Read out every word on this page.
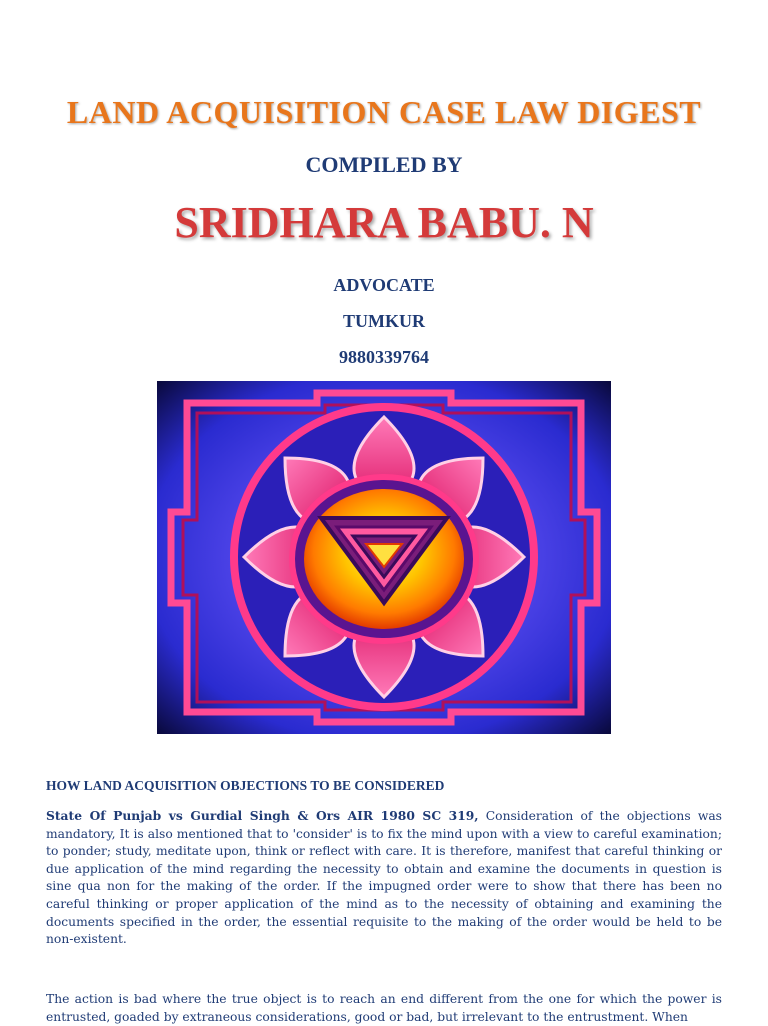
LAND ACQUISITION CASE LAW DIGEST
COMPILED BY
SRIDHARA BABU. N
ADVOCATE
TUMKUR
9880339764
HOW LAND ACQUISITION OBJECTIONS TO BE CONSIDERED

State Of Punjab vs Gurdial Singh & Ors AIR 1980 SC 319, Consideration of the objections was mandatory, It is also mentioned that to 'consider' is to fix the mind upon with a view to careful examination; to ponder; study, meditate upon, think or reflect with care. It is therefore, manifest that careful thinking or due application of the mind regarding the necessity to obtain and examine the documents in question is sine qua non for the making of the order. If the impugned order were to show that there has been no careful thinking or proper application of the mind as to the necessity of obtaining and examining the documents specified in the order, the essential requisite to the making of the order would be held to be non-existent.

The action is bad where the true object is to reach an end different from the one for which the power is entrusted, goaded by extraneous considerations, good or bad, but irrelevant to the entrustment. When
